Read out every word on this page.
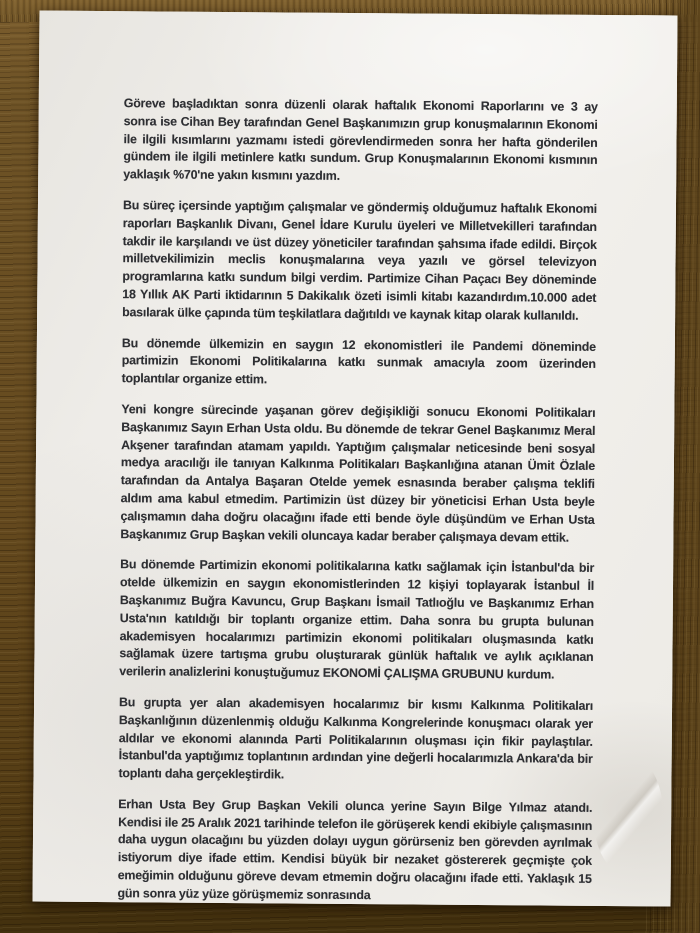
Göreve başladıktan sonra düzenli olarak haftalık Ekonomi Raporlarını ve 3 ay sonra ise Cihan Bey tarafından Genel Başkanımızın grup konuşmalarının Ekonomi ile ilgili kısımlarını yazmamı istedi görevlendirmeden sonra her hafta gönderilen gündem ile ilgili metinlere katkı sundum. Grup Konuşmalarının Ekonomi kısmının yaklaşık %70'ne yakın kısmını yazdım.

Bu süreç içersinde yaptığım çalışmalar ve göndermiş olduğumuz haftalık Ekonomi raporları Başkanlık Divanı, Genel İdare Kurulu üyeleri ve Milletvekilleri tarafından takdir ile karşılandı ve üst düzey yöneticiler tarafından şahsıma ifade edildi. Birçok milletvekilimizin meclis konuşmalarına veya yazılı ve görsel televizyon programlarına katkı sundum bilgi verdim. Partimize Cihan Paçacı Bey döneminde 18 Yıllık AK Parti iktidarının 5 Dakikalık özeti isimli kitabı kazandırdım.10.000 adet basılarak ülke çapında tüm teşkilatlara dağıtıldı ve kaynak kitap olarak kullanıldı.

Bu dönemde ülkemizin en saygın 12 ekonomistleri ile Pandemi döneminde partimizin Ekonomi Politikalarına katkı sunmak amacıyla zoom üzerinden toplantılar organize ettim.

Yeni kongre sürecinde yaşanan görev değişikliği sonucu Ekonomi Politikaları Başkanımız Sayın Erhan Usta oldu. Bu dönemde de tekrar Genel Başkanımız Meral Akşener tarafından atamam yapıldı. Yaptığım çalışmalar neticesinde beni sosyal medya aracılığı ile tanıyan Kalkınma Politikaları Başkanlığına atanan Ümit Özlale tarafından da Antalya Başaran Otelde yemek esnasında beraber çalışma teklifi aldım ama kabul etmedim. Partimizin üst düzey bir yöneticisi Erhan Usta beyle çalışmamın daha doğru olacağını ifade etti bende öyle düşündüm ve Erhan Usta Başkanımız Grup Başkan vekili oluncaya kadar beraber çalışmaya devam ettik.

Bu dönemde Partimizin ekonomi politikalarına katkı sağlamak için İstanbul'da bir otelde ülkemizin en saygın ekonomistlerinden 12 kişiyi toplayarak İstanbul İl Başkanımız Buğra Kavuncu, Grup Başkanı İsmail Tatlıoğlu ve Başkanımız Erhan Usta'nın katıldığı bir toplantı organize ettim. Daha sonra bu grupta bulunan akademisyen hocalarımızı partimizin ekonomi politikaları oluşmasında katkı sağlamak üzere tartışma grubu oluşturarak günlük haftalık ve aylık açıklanan verilerin analizlerini konuştuğumuz EKONOMİ ÇALIŞMA GRUBUNU kurdum.

Bu grupta yer alan akademisyen hocalarımız bir kısmı Kalkınma Politikaları Başkanlığının düzenlenmiş olduğu Kalkınma Kongrelerinde konuşmacı olarak yer aldılar ve ekonomi alanında Parti Politikalarının oluşması için fikir paylaştılar. İstanbul'da yaptığımız toplantının ardından yine değerli hocalarımızla Ankara'da bir toplantı daha gerçekleştirdik.

Erhan Usta Bey Grup Başkan Vekili olunca yerine Sayın Bilge Yılmaz atandı. Kendisi ile 25 Aralık 2021 tarihinde telefon ile görüşerek kendi ekibiyle çalışmasının daha uygun olacağını bu yüzden dolayı uygun görürseniz ben görevden ayrılmak istiyorum diye ifade ettim. Kendisi büyük bir nezaket göstererek geçmişte çok emeğimin olduğunu göreve devam etmemin doğru olacağını ifade etti. Yaklaşık 15 gün sonra yüz yüze görüşmemiz sonrasında
